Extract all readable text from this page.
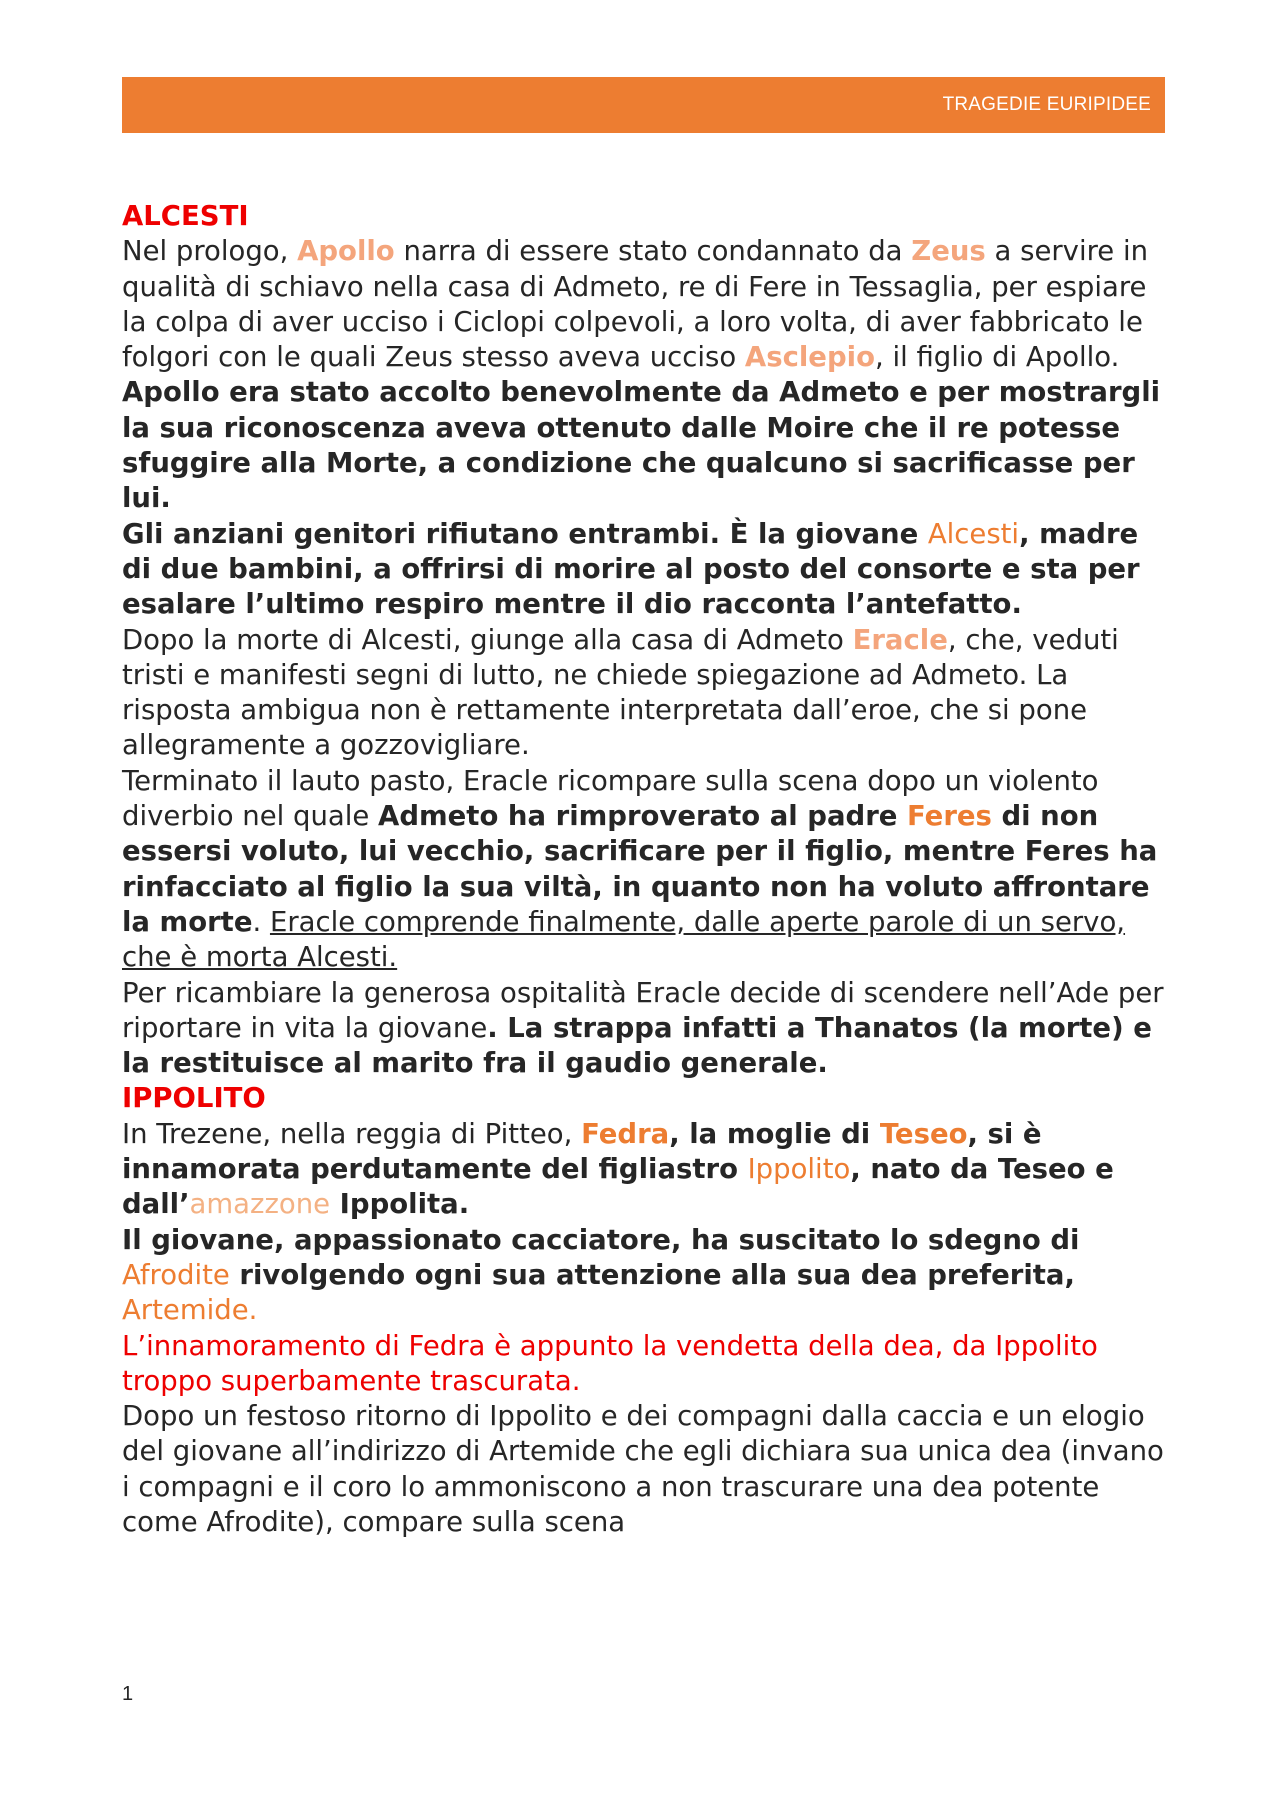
TRAGEDIE EURIPIDEE

ALCESTI

Nel prologo, Apollo narra di essere stato condannato da Zeus a servire in qualità di schiavo nella casa di Admeto, re di Fere in Tessaglia, per espiare la colpa di aver ucciso i Ciclopi colpevoli, a loro volta, di aver fabbricato le folgori con le quali Zeus stesso aveva ucciso Asclepio, il figlio di Apollo.

Apollo era stato accolto benevolmente da Admeto e per mostrargli la sua riconoscenza aveva ottenuto dalle Moire che il re potesse sfuggire alla Morte, a condizione che qualcuno si sacrificasse per lui.

Gli anziani genitori rifiutano entrambi. È la giovane Alcesti, madre di due bambini, a offrirsi di morire al posto del consorte e sta per esalare l’ultimo respiro mentre il dio racconta l’antefatto.

Dopo la morte di Alcesti, giunge alla casa di Admeto Eracle, che, veduti tristi e manifesti segni di lutto, ne chiede spiegazione ad Admeto. La risposta ambigua non è rettamente interpretata dall’eroe, che si pone allegramente a gozzovigliare.

Terminato il lauto pasto, Eracle ricompare sulla scena dopo un violento diverbio nel quale Admeto ha rimproverato al padre Feres di non essersi voluto, lui vecchio, sacrificare per il figlio, mentre Feres ha rinfacciato al figlio la sua viltà, in quanto non ha voluto affrontare la morte. Eracle comprende finalmente, dalle aperte parole di un servo, che è morta Alcesti.

Per ricambiare la generosa ospitalità Eracle decide di scendere nell’Ade per riportare in vita la giovane. La strappa infatti a Thanatos (la morte) e la restituisce al marito fra il gaudio generale.

IPPOLITO

In Trezene, nella reggia di Pitteo, Fedra, la moglie di Teseo, si è innamorata perdutamente del figliastro Ippolito, nato da Teseo e dall’amazzone Ippolita.

Il giovane, appassionato cacciatore, ha suscitato lo sdegno di Afrodite rivolgendo ogni sua attenzione alla sua dea preferita, Artemide.

L’innamoramento di Fedra è appunto la vendetta della dea, da Ippolito troppo superbamente trascurata.

Dopo un festoso ritorno di Ippolito e dei compagni dalla caccia e un elogio del giovane all’indirizzo di Artemide che egli dichiara sua unica dea (invano i compagni e il coro lo ammoniscono a non trascurare una dea potente come Afrodite), compare sulla scena

1
